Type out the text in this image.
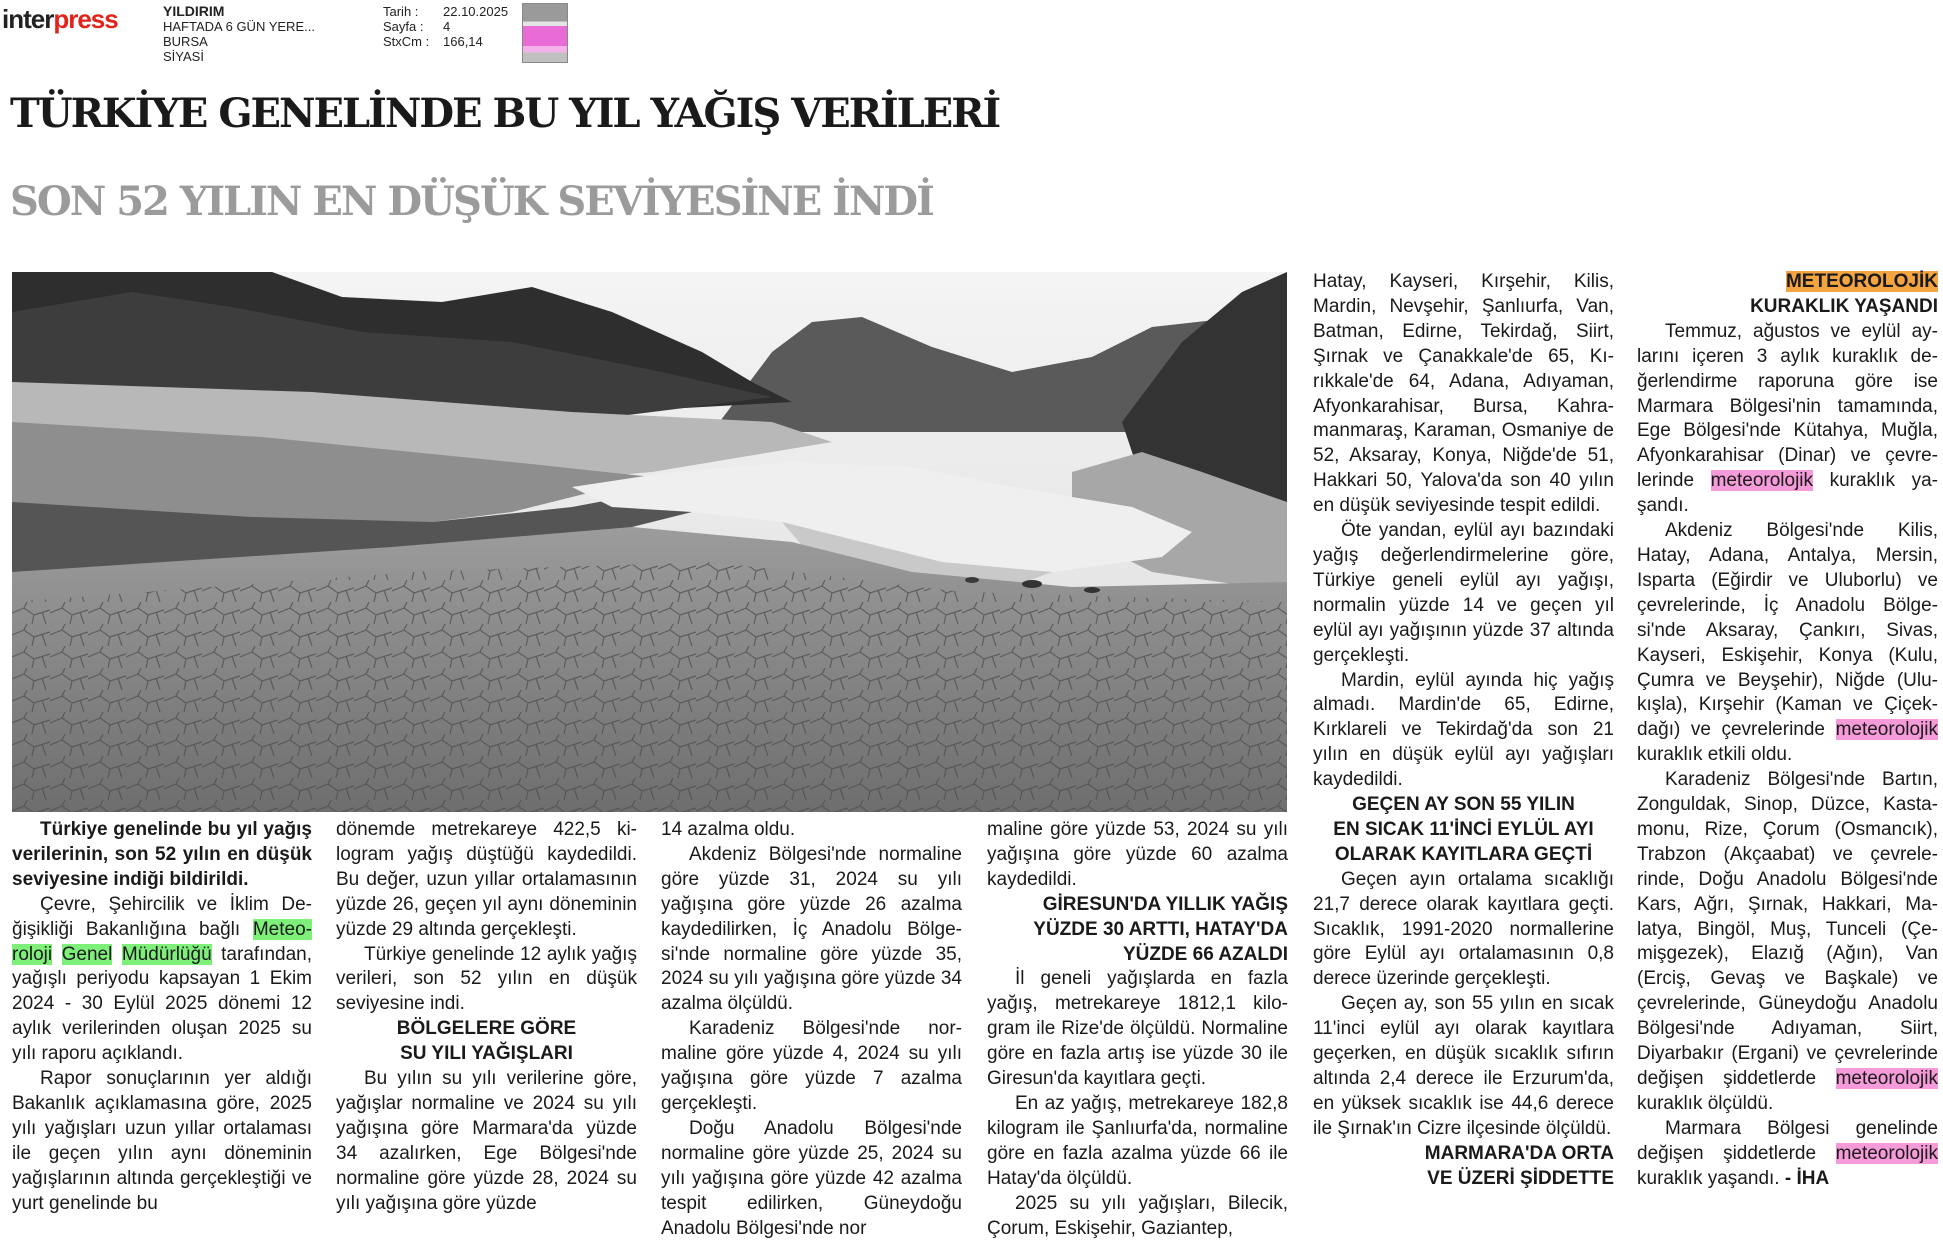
interpress	YILDIRIM
HAFTADA 6 GÜN YERE...
BURSA
SİYASİ
Tarih :	22.10.2025
Sayfa :	4
StxCm :	166,14
TÜRKİYE GENELİNDE BU YIL YAĞIŞ VERİLERİ
SON 52 YILIN EN DÜŞÜK SEVİYESİNE İNDİ

Türkiye genelinde bu yıl yağış verilerinin, son 52 yılın en düşük seviyesine indiği bildirildi.

Çevre, Şehircilik ve İklim Değişikliği Bakanlığına bağlı Meteoroloji Genel Müdürlüğü tarafından, yağışlı periyodu kapsayan 1 Ekim 2024 - 30 Eylül 2025 dönemi 12 aylık verilerinden oluşan 2025 su yılı raporu açıklandı.

Rapor sonuçlarının yer aldığı Bakanlık açıklamasına göre, 2025 yılı yağışları uzun yıllar ortalaması ile geçen yılın aynı döneminin yağışlarının altında gerçekleştiği ve yurt genelinde bu

dönemde metrekareye 422,5 kilogram yağış düştüğü kaydedildi. Bu değer, uzun yıllar ortalamasının yüzde 26, geçen yıl aynı döneminin yüzde 29 altında gerçekleşti.

Türkiye genelinde 12 aylık yağış verileri, son 52 yılın en düşük seviyesine indi.

BÖLGELERE GÖRE
SU YILI YAĞIŞLARI

Bu yılın su yılı verilerine göre, yağışlar normaline ve 2024 su yılı yağışına göre Marmara'da yüzde 34 azalırken, Ege Bölgesi'nde normaline göre yüzde 28, 2024 su yılı yağışına göre yüzde

14 azalma oldu.

Akdeniz Bölgesi'nde normaline göre yüzde 31, 2024 su yılı yağışına göre yüzde 26 azalma kaydedilirken, İç Anadolu Bölgesi'nde normaline göre yüzde 35, 2024 su yılı yağışına göre yüzde 34 azalma ölçüldü.

Karadeniz Bölgesi'nde normaline göre yüzde 4, 2024 su yılı yağışına göre yüzde 7 azalma gerçekleşti.

Doğu Anadolu Bölgesi'nde normaline göre yüzde 25, 2024 su yılı yağışına göre yüzde 42 azalma tespit edilirken, Güneydoğu Anadolu Bölgesi'nde nor

maline göre yüzde 53, 2024 su yılı yağışına göre yüzde 60 azalma kaydedildi.

GİRESUN'DA YILLIK YAĞIŞ
YÜZDE 30 ARTTI, HATAY'DA
YÜZDE 66 AZALDI

İl geneli yağışlarda en fazla yağış, metrekareye 1812,1 kilogram ile Rize'de ölçüldü. Normaline göre en fazla artış ise yüzde 30 ile Giresun'da kayıtlara geçti.

En az yağış, metrekareye 182,8 kilogram ile Şanlıurfa'da, normaline göre en fazla azalma yüzde 66 ile Hatay'da ölçüldü.

2025 su yılı yağışları, Bilecik, Çorum, Eskişehir, Gaziantep,

Hatay, Kayseri, Kırşehir, Kilis, Mardin, Nevşehir, Şanlıurfa, Van, Batman, Edirne, Tekirdağ, Siirt, Şırnak ve Çanakkale'de 65, Kırıkkale'de 64, Adana, Adıyaman, Afyonkarahisar, Bursa, Kahramanmaraş, Karaman, Osmaniye de 52, Aksaray, Konya, Niğde'de 51, Hakkari 50, Yalova'da son 40 yılın en düşük seviyesinde tespit edildi.

Öte yandan, eylül ayı bazındaki yağış değerlendirmelerine göre, Türkiye geneli eylül ayı yağışı, normalin yüzde 14 ve geçen yıl eylül ayı yağışının yüzde 37 altında gerçekleşti.

Mardin, eylül ayında hiç yağış almadı. Mardin'de 65, Edirne, Kırklareli ve Tekirdağ'da son 21 yılın en düşük eylül ayı yağışları kaydedildi.

GEÇEN AY SON 55 YILIN
EN SICAK 11'İNCİ EYLÜL AYI
OLARAK KAYITLARA GEÇTİ

Geçen ayın ortalama sıcaklığı 21,7 derece olarak kayıtlara geçti. Sıcaklık, 1991-2020 normallerine göre Eylül ayı ortalamasının 0,8 derece üzerinde gerçekleşti.

Geçen ay, son 55 yılın en sıcak 11'inci eylül ayı olarak kayıtlara geçerken, en düşük sıcaklık sıfırın altında 2,4 derece ile Erzurum'da, en yüksek sıcaklık ise 44,6 derece ile Şırnak'ın Cizre ilçesinde ölçüldü.

MARMARA'DA ORTA
VE ÜZERİ ŞİDDETTE
METEOROLOJİK
KURAKLIK YAŞANDI

Temmuz, ağustos ve eylül aylarını içeren 3 aylık kuraklık değerlendirme raporuna göre ise Marmara Bölgesi'nin tamamında, Ege Bölgesi'nde Kütahya, Muğla, Afyonkarahisar (Dinar) ve çevrelerinde meteorolojik kuraklık yaşandı.

Akdeniz Bölgesi'nde Kilis, Hatay, Adana, Antalya, Mersin, Isparta (Eğirdir ve Uluborlu) ve çevrelerinde, İç Anadolu Bölgesi'nde Aksaray, Çankırı, Sivas, Kayseri, Eskişehir, Konya (Kulu, Çumra ve Beyşehir), Niğde (Ulukışla), Kırşehir (Kaman ve Çiçekdağı) ve çevrelerinde meteorolojik kuraklık etkili oldu.

Karadeniz Bölgesi'nde Bartın, Zonguldak, Sinop, Düzce, Kastamonu, Rize, Çorum (Osmancık), Trabzon (Akçaabat) ve çevrelerinde, Doğu Anadolu Bölgesi'nde Kars, Ağrı, Şırnak, Hakkari, Malatya, Bingöl, Muş, Tunceli (Çemişgezek), Elazığ (Ağın), Van (Erciş, Gevaş ve Başkale) ve çevrelerinde, Güneydoğu Anadolu Bölgesi'nde Adıyaman, Siirt, Diyarbakır (Ergani) ve çevrelerinde değişen şiddetlerde meteorolojik kuraklık ölçüldü.

Marmara Bölgesi genelinde değişen şiddetlerde meteorolojik kuraklık yaşandı. - İHA
